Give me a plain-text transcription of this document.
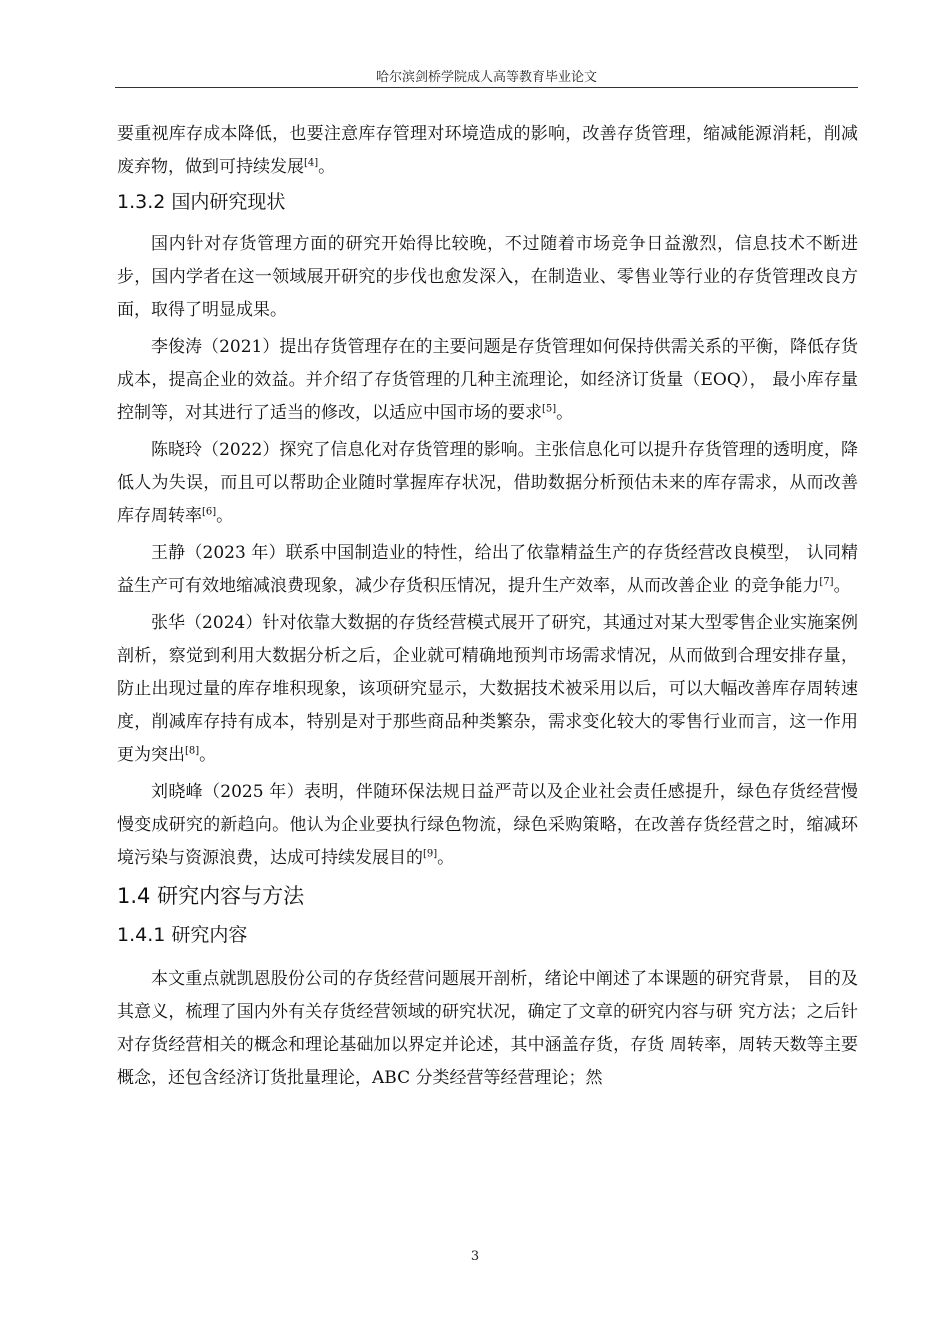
哈尔滨剑桥学院成人高等教育毕业论文

要重视库存成本降低，也要注意库存管理对环境造成的影响，改善存货管理，缩减能源消耗，削减废弃物，做到可持续发展[4]。

1.3.2 国内研究现状

国内针对存货管理方面的研究开始得比较晚，不过随着市场竞争日益激烈，信息技术不断进步，国内学者在这一领域展开研究的步伐也愈发深入，在制造业、零售业等行业的存货管理改良方面，取得了明显成果。

李俊涛（2021）提出存货管理存在的主要问题是存货管理如何保持供需关系的平衡，降低存货成本，提高企业的效益。并介绍了存货管理的几种主流理论，如经济订货量（EOQ）， 最小库存量控制等，对其进行了适当的修改，以适应中国市场的要求[5]。

陈晓玲（2022）探究了信息化对存货管理的影响。主张信息化可以提升存货管理的透明度，降低人为失误，而且可以帮助企业随时掌握库存状况，借助数据分析预估未来的库存需求，从而改善库存周转率[6]。

王静（2023 年）联系中国制造业的特性，给出了依靠精益生产的存货经营改良模型， 认同精益生产可有效地缩减浪费现象，减少存货积压情况，提升生产效率，从而改善企业 的竞争能力[7]。

张华（2024）针对依靠大数据的存货经营模式展开了研究，其通过对某大型零售企业实施案例剖析，察觉到利用大数据分析之后，企业就可精确地预判市场需求情况，从而做到合理安排存量，防止出现过量的库存堆积现象，该项研究显示，大数据技术被采用以后，可以大幅改善库存周转速度，削减库存持有成本，特别是对于那些商品种类繁杂，需求变化较大的零售行业而言，这一作用更为突出[8]。

刘晓峰（2025 年）表明，伴随环保法规日益严苛以及企业社会责任感提升，绿色存货经营慢慢变成研究的新趋向。他认为企业要执行绿色物流，绿色采购策略，在改善存货经营之时，缩减环境污染与资源浪费，达成可持续发展目的[9]。

1.4 研究内容与方法
1.4.1 研究内容

本文重点就凯恩股份公司的存货经营问题展开剖析，绪论中阐述了本课题的研究背景， 目的及其意义，梳理了国内外有关存货经营领域的研究状况，确定了文章的研究内容与研 究方法；之后针对存货经营相关的概念和理论基础加以界定并论述，其中涵盖存货，存货 周转率，周转天数等主要概念，还包含经济订货批量理论，ABC 分类经营等经营理论；然

3
